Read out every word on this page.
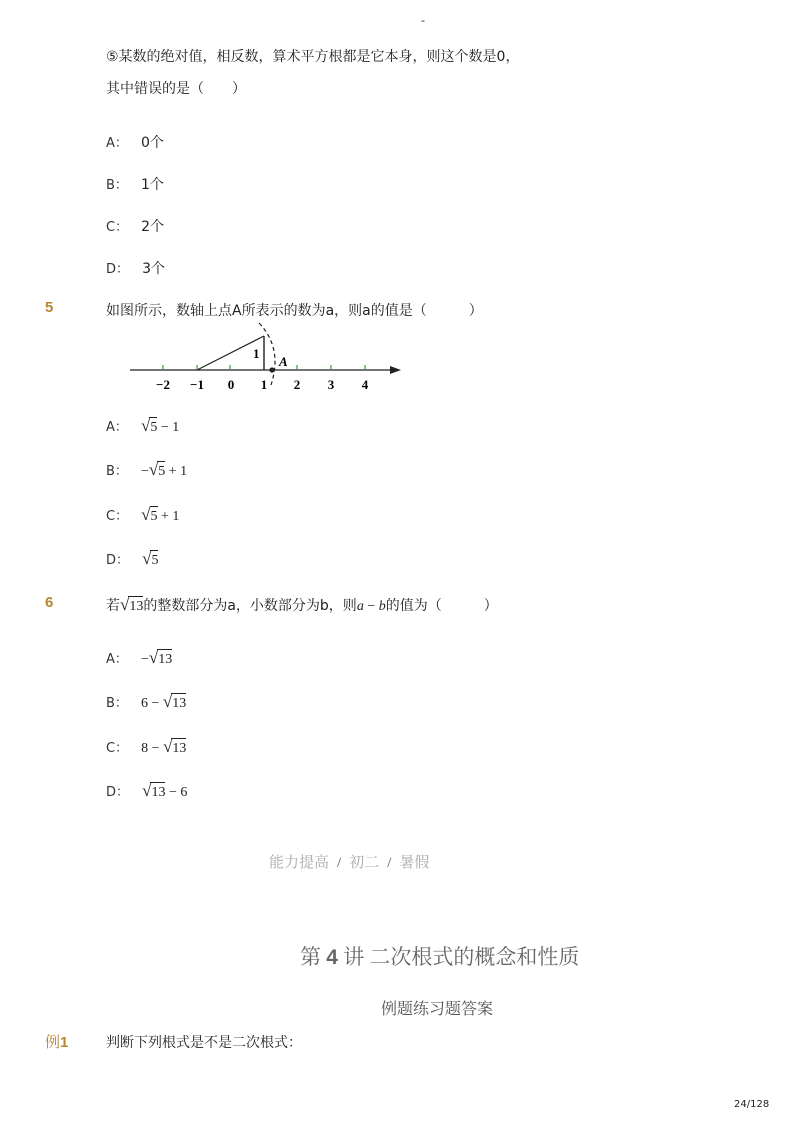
-
⑤某数的绝对值，相反数，算术平方根都是它本身，则这个数是0，
其中错误的是（　　）
A： 0个
B： 1个
C： 2个
D： 3个
5	如图所示，数轴上点A所表示的数为a，则a的值是（　　　）
1
A
−2 −1 0 1 2 3 4
A： √5 − 1
B： −√5 + 1
C： √5 + 1
D： √5
6	若√13的整数部分为a，小数部分为b，则a − b的值为（　　　）
A： −√13
B： 6 − √13
C： 8 − √13
D： √13 − 6
能力提高 / 初二 / 暑假
第 4 讲 二次根式的概念和性质
例题练习题答案
例1	判断下列根式是不是二次根式：
24/128
